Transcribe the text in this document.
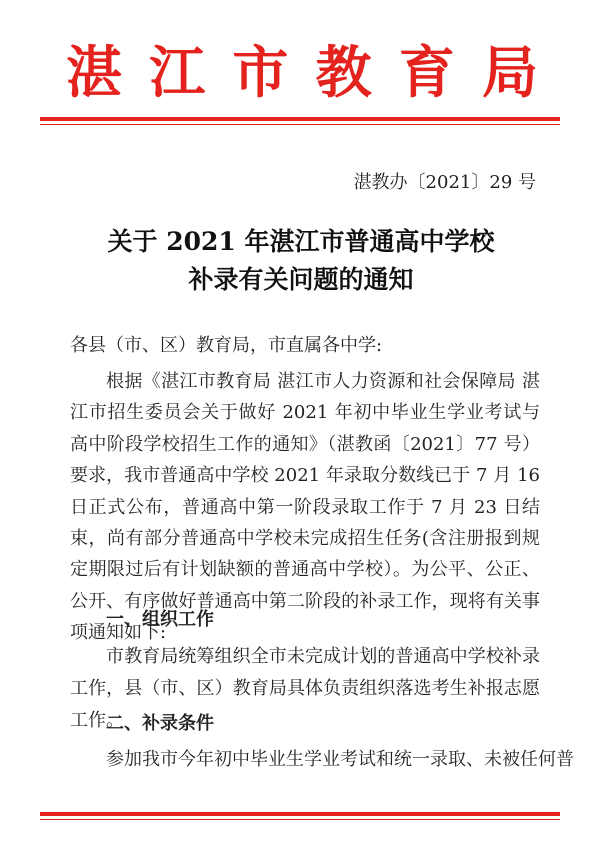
湛 江 市 教 育 局
湛教办〔2021〕29 号
关于 2021 年湛江市普通高中学校
补录有关问题的通知
各县（市、区）教育局，市直属各中学:
根据《湛江市教育局 湛江市人力资源和社会保障局 湛江市招生委员会关于做好 2021 年初中毕业生学业考试与高中阶段学校招生工作的通知》（湛教函〔2021〕77 号）要求，我市普通高中学校 2021 年录取分数线已于 7 月 16 日正式公布，普通高中第一阶段录取工作于 7 月 23 日结束，尚有部分普通高中学校未完成招生任务(含注册报到规定期限过后有计划缺额的普通高中学校）。为公平、公正、公开、有序做好普通高中第二阶段的补录工作，现将有关事项通知如下:
一、组织工作
市教育局统筹组织全市未完成计划的普通高中学校补录工作，县（市、区）教育局具体负责组织落选考生补报志愿工作。
二、补录条件
参加我市今年初中毕业生学业考试和统一录取、未被任何普
